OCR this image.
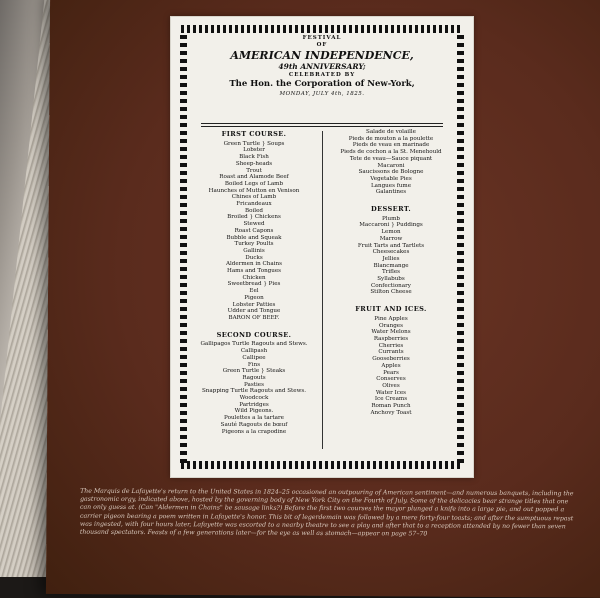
FESTIVAL
OF
AMERICAN INDEPENDENCE,
49th ANNIVERSARY;
CELEBRATED BY
The Hon. the Corporation of New-York,
MONDAY, JULY 4th, 1825.
FIRST COURSE.
Green Turtle } Soups
Lobster
Black Fish
Sheep-heads
Trout
Roast and Alamode Beef
Boiled Legs of Lamb
Haunches of Mutton en Venison
Chines of Lamb
Fricandeaux
Boiled
Broiled } Chickens
Stewed
Roast Capons
Bubble and Squeak
Turkey Poults
Gallinis
Ducks
Aldermen in Chains
Hams and Tongues
Chicken
Sweetbread } Pies
Eel
Pigeon
Lobster Patties
Udder and Tongue
BARON OF BEEF.
SECOND COURSE.
Gallipagos Turtle Ragouts and Stews.
Callipash
Callipee
Fins
Green Turtle } Steaks
Ragouts
Pasties
Snapping Turtle Ragouts and Stews.
Woodcock
Partridges
Wild Pigeons.
Poulettes a la tartare
Sauté Ragouts de bœuf
Pigeons a la crapodine
Salade de volaille
Pieds de mouton a la poulette
Pieds de veau en marinade
Pieds de cochon a la St. Menehould
Tete de veau—Sauce piquant
Macaroni
Saucissons de Bologne
Vegetable Pies
Langues fume
Galantines
DESSERT.
Plumb
Maccaroni } Puddings
Lemon
Marrow
Fruit Tarts and Tartlets
Cheesecakes
Jellies
Blancmange
Trifles
Syllabubs
Confectionary
Stilton Cheese
FRUIT AND ICES.
Pine Apples
Oranges
Water Melons
Raspberries
Cherries
Currants
Gooseberries
Apples
Pears
Conserves
Olives
Water Ices
Ice Creams
Roman Punch
Anchovy Toast
The Marquis de Lafayette's return to the United States in 1824–25 occasioned an outpouring of American sentiment—and numerous banquets, including the gastronomic orgy, indicated above, hosted by the governing body of New York City on the Fourth of July. Some of the delicacies bear strange titles that one can only guess at. (Can "Aldermen in Chains" be sausage links?) Before the first two courses the mayor plunged a knife into a large pie, and out popped a carrier pigeon bearing a poem written in Lafayette's honor. This bit of legerdemain was followed by a mere forty-four toasts; and after the sumptuous repast was ingested, with four hours later, Lafayette was escorted to a nearby theatre to see a play and after that to a reception attended by no fewer than seven thousand spectators. Feasts of a few generations later—for the eye as well as stomach—appear on page 57–70
